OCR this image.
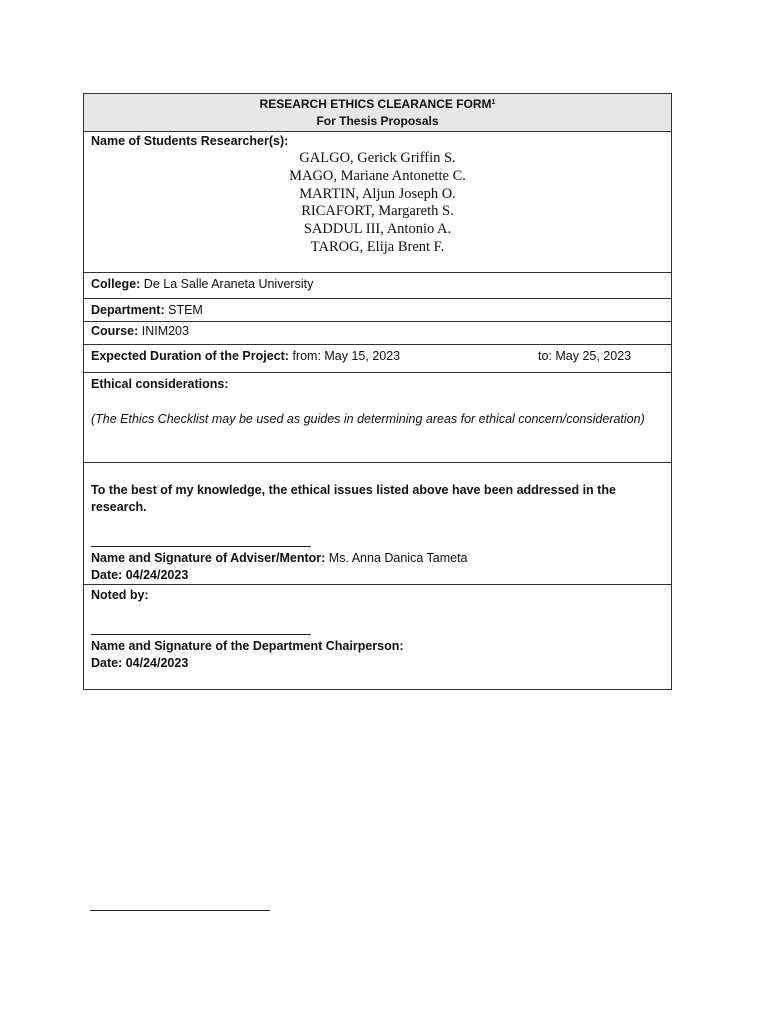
RESEARCH ETHICS CLEARANCE FORM$^1$
For Thesis Proposals
Name of Students Researcher(s):
GALGO, Gerick Griffin S.
MAGO, Mariane Antonette C.
MARTIN, Aljun Joseph O.
RICAFORT, Margareth S.
SADDUL III, Antonio A.
TAROG, Elija Brent F.
College: De La Salle Araneta University
Department: STEM
Course: INIM203
Expected Duration of the Project: from: May 15, 2023	to: May 25, 2023
Ethical considerations:
(The Ethics Checklist may be used as guides in determining areas for ethical concern/consideration)
To the best of my knowledge, the ethical issues listed above have been addressed in the research.
Name and Signature of Adviser/Mentor: Ms. Anna Danica Tameta
Date: 04/24/2023
Noted by:
Name and Signature of the Department Chairperson:
Date: 04/24/2023
